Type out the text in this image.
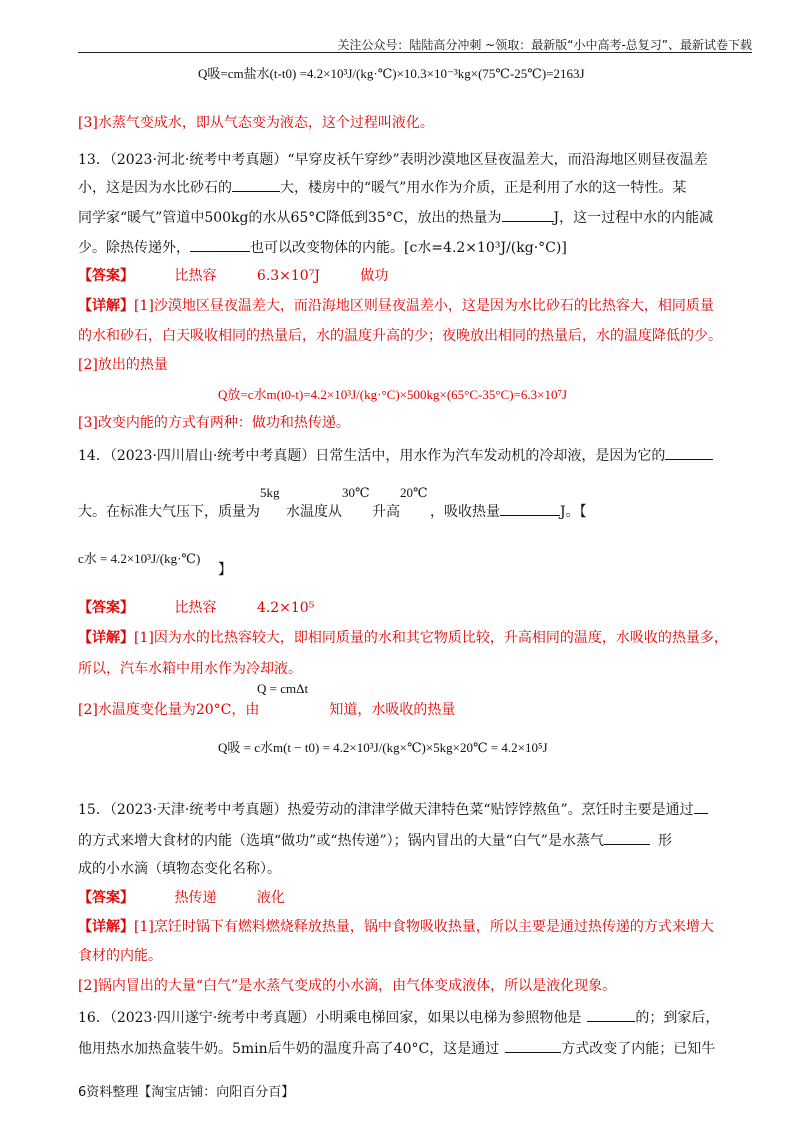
关注公众号：陆陆高分冲刺 ~领取：最新版“小中高考-总复习”、最新试卷下载
Q吸=cm盐水(t-t0) =4.2×10³J/(kg·℃)×10.3×10⁻³kg×(75℃-25℃)=2163J
[3]水蒸气变成水，即从气态变为液态，这个过程叫液化。
13．（2023·河北·统考中考真题）“早穿皮袄午穿纱”表明沙漠地区昼夜温差大，而沿海地区则昼夜温差
小，这是因为水比砂石的	大，楼房中的“暖气”用水作为介质，正是利用了水的这一特性。某
同学家“暖气”管道中500kg的水从65°C降低到35°C，放出的热量为	J，这一过程中水的内能减
少。除热传递外，	也可以改变物体的内能。[c水=4.2×10³J/(kg·°C)]
【答案】	比热容	6.3×10⁷J	做功
【详解】[1]沙漠地区昼夜温差大，而沿海地区则昼夜温差小，这是因为水比砂石的比热容大，相同质量
的水和砂石，白天吸收相同的热量后，水的温度升高的少；夜晚放出相同的热量后，水的温度降低的少。
[2]放出的热量
Q放=c水m(t0-t)=4.2×10³J/(kg·°C)×500kg×(65°C-35°C)=6.3×10⁷J
[3]改变内能的方式有两种：做功和热传递。
14．（2023·四川眉山·统考中考真题）日常生活中，用水作为汽车发动机的冷却液，是因为它的
5kg	30℃ 20℃
大。在标准大气压下，质量为 水温度从 升高 ，吸收热量	J。【
c水 = 4.2×10³J/(kg·℃)
】
【答案】	比热容	4.2×10⁵
【详解】[1]因为水的比热容较大，即相同质量的水和其它物质比较，升高相同的温度，水吸收的热量多，
所以，汽车水箱中用水作为冷却液。
Q = cmΔt
[2]水温度变化量为20°C，由	知道，水吸收的热量
Q吸 = c水m(t − t0) = 4.2×10³J/(kg×℃)×5kg×20℃ = 4.2×10⁵J
15．（2023·天津·统考中考真题）热爱劳动的津津学做天津特色菜“贴饽饽熬鱼”。烹饪时主要是通过
的方式来增大食材的内能（选填“做功”或“热传递”）；锅内冒出的大量“白气”是水蒸气	形
成的小水滴（填物态变化名称）。
【答案】	热传递	液化
【详解】[1]烹饪时锅下有燃料燃烧释放热量，锅中食物吸收热量，所以主要是通过热传递的方式来增大
食材的内能。
[2]锅内冒出的大量“白气”是水蒸气变成的小水滴，由气体变成液体，所以是液化现象。
16．（2023·四川遂宁·统考中考真题）小明乘电梯回家，如果以电梯为参照物他是	的；到家后，
他用热水加热盒装牛奶。5min后牛奶的温度升高了40°C，这是通过	方式改变了内能；已知牛
6资料整理【淘宝店铺：向阳百分百】
